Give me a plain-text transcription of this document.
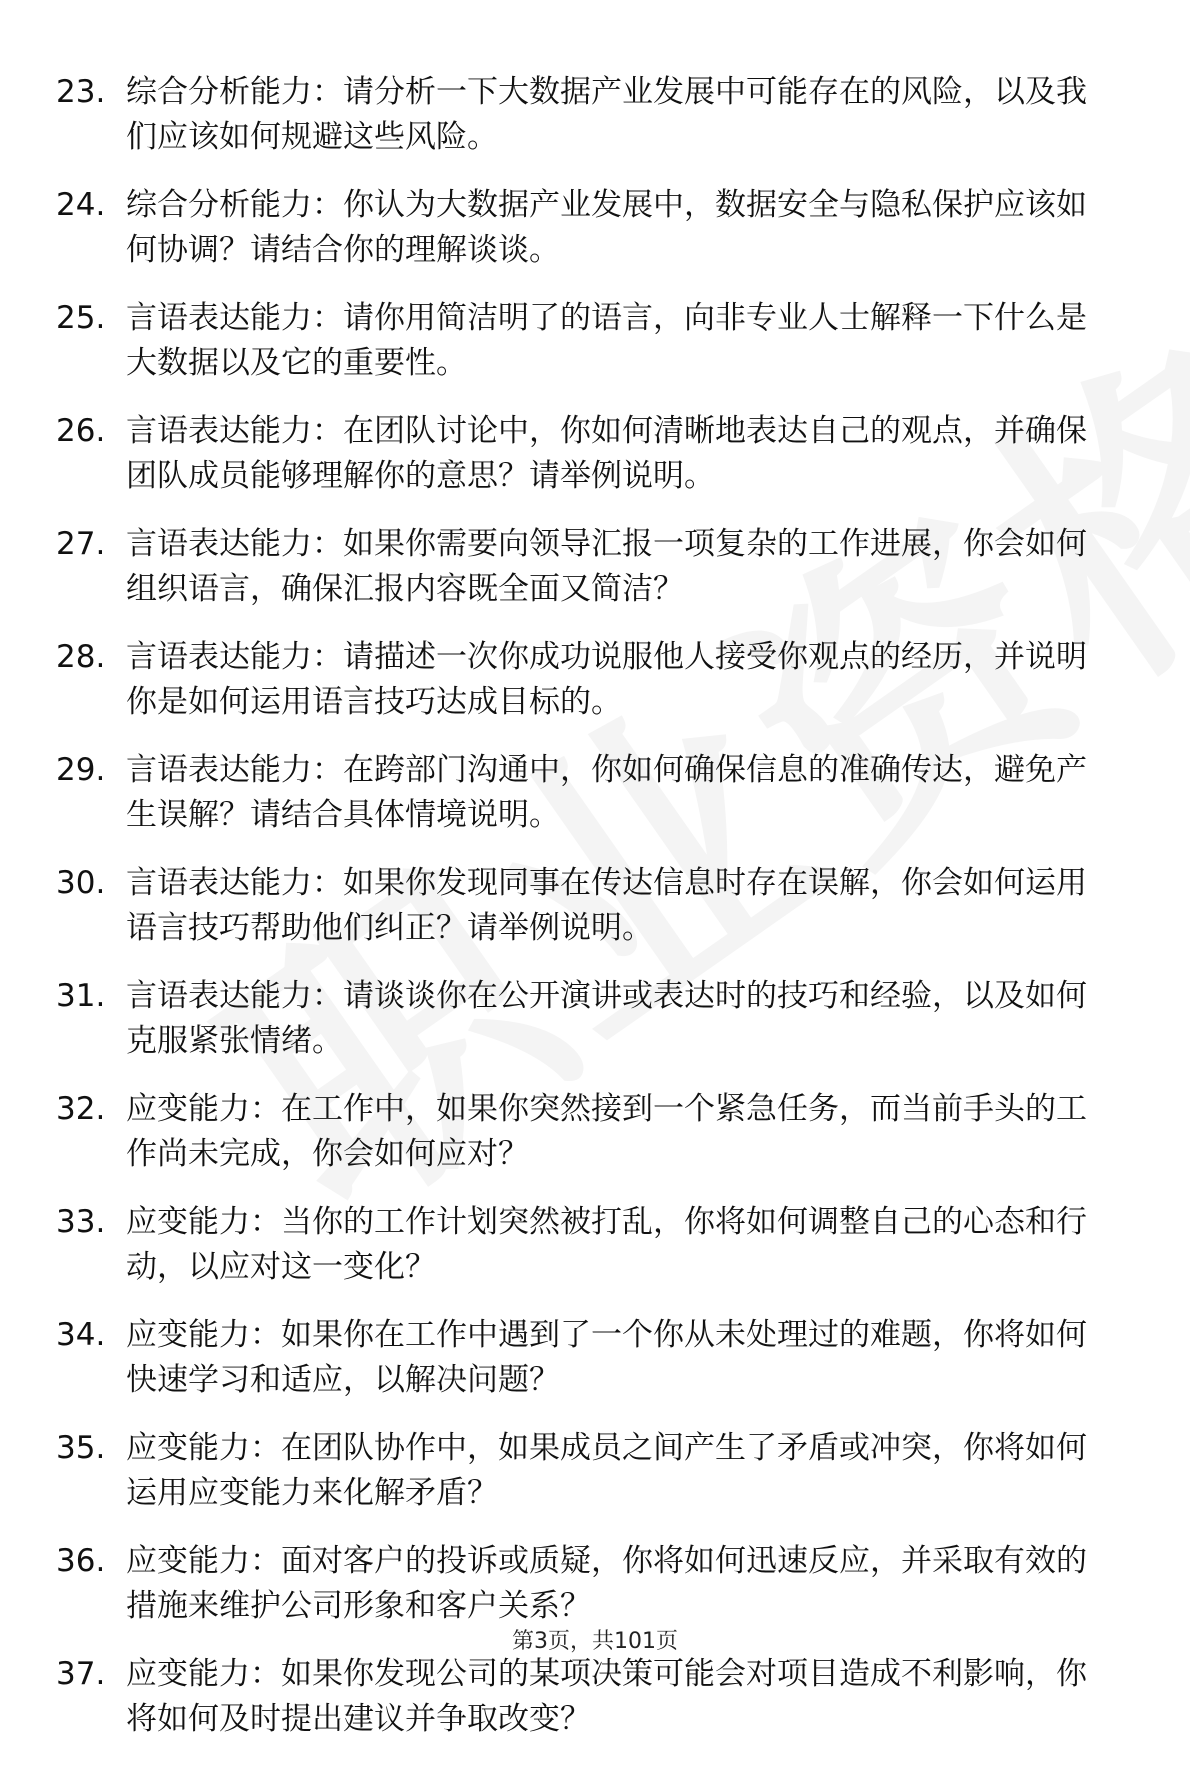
23. 综合分析能力：请分析一下大数据产业发展中可能存在的风险，以及我们应该如何规避这些风险。
24. 综合分析能力：你认为大数据产业发展中，数据安全与隐私保护应该如何协调？请结合你的理解谈谈。
25. 言语表达能力：请你用简洁明了的语言，向非专业人士解释一下什么是大数据以及它的重要性。
26. 言语表达能力：在团队讨论中，你如何清晰地表达自己的观点，并确保团队成员能够理解你的意思？请举例说明。
27. 言语表达能力：如果你需要向领导汇报一项复杂的工作进展，你会如何组织语言，确保汇报内容既全面又简洁？
28. 言语表达能力：请描述一次你成功说服他人接受你观点的经历，并说明你是如何运用语言技巧达成目标的。
29. 言语表达能力：在跨部门沟通中，你如何确保信息的准确传达，避免产生误解？请结合具体情境说明。
30. 言语表达能力：如果你发现同事在传达信息时存在误解，你会如何运用语言技巧帮助他们纠正？请举例说明。
31. 言语表达能力：请谈谈你在公开演讲或表达时的技巧和经验，以及如何克服紧张情绪。
32. 应变能力：在工作中，如果你突然接到一个紧急任务，而当前手头的工作尚未完成，你会如何应对？
33. 应变能力：当你的工作计划突然被打乱，你将如何调整自己的心态和行动，以应对这一变化？
34. 应变能力：如果你在工作中遇到了一个你从未处理过的难题，你将如何快速学习和适应，以解决问题？
35. 应变能力：在团队协作中，如果成员之间产生了矛盾或冲突，你将如何运用应变能力来化解矛盾？
36. 应变能力：面对客户的投诉或质疑，你将如何迅速反应，并采取有效的措施来维护公司形象和客户关系？
37. 应变能力：如果你发现公司的某项决策可能会对项目造成不利影响，你将如何及时提出建议并争取改变？
第3页，共101页
